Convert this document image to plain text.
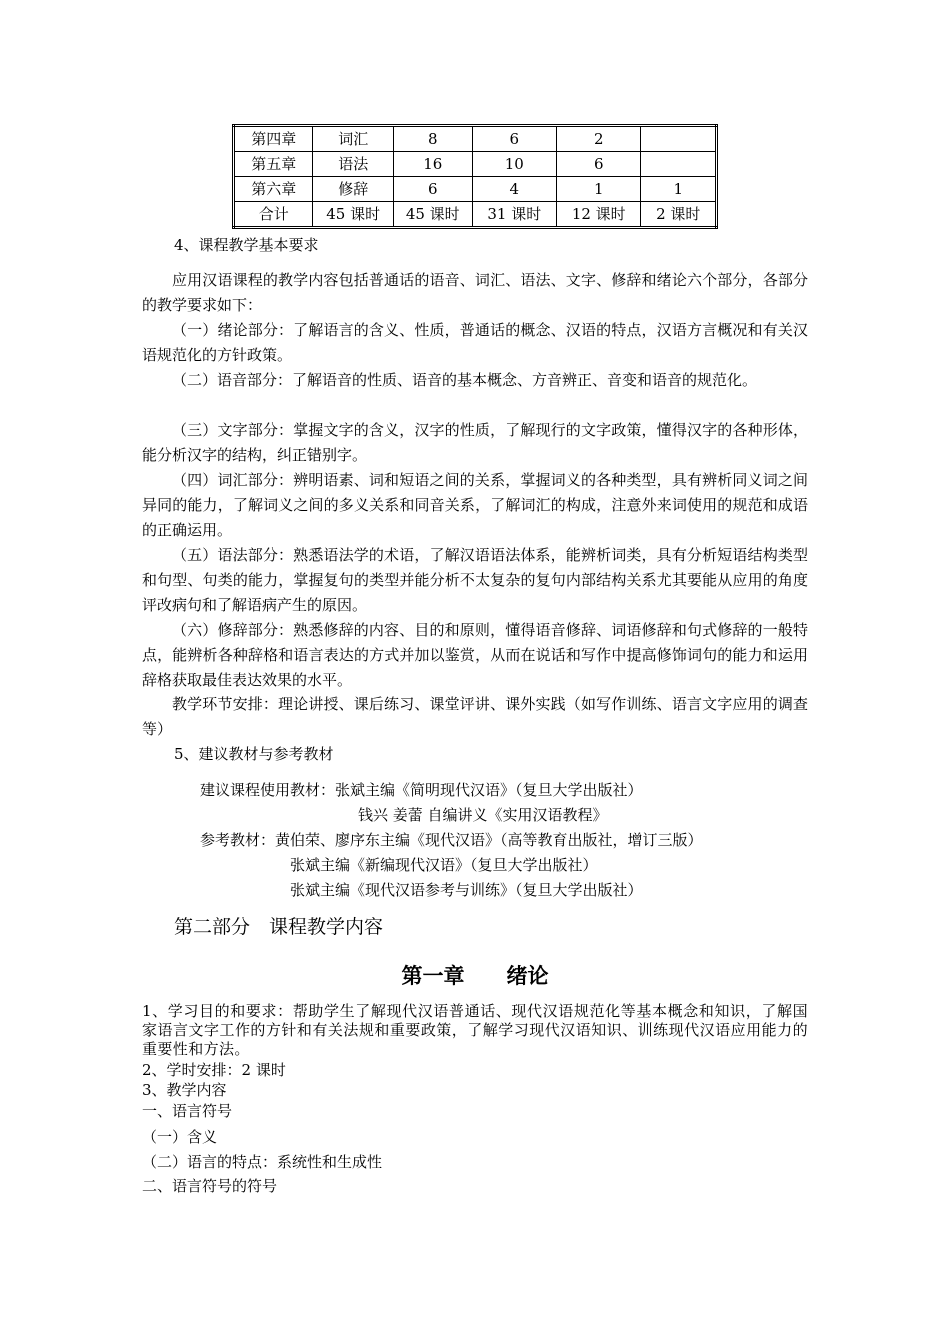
第四章	词汇	8	6	2	
第五章	语法	16	10	6	
第六章	修辞	6	4	1	1
合计	45 课时	45 课时	31 课时	12 课时	2 课时
4、课程教学基本要求
应用汉语课程的教学内容包括普通话的语音、词汇、语法、文字、修辞和绪论六个部分，各部分的教学要求如下：
（一）绪论部分：了解语言的含义、性质，普通话的概念、汉语的特点，汉语方言概况和有关汉语规范化的方针政策。
（二）语音部分：了解语音的性质、语音的基本概念、方音辨正、音变和语音的规范化。
（三）文字部分：掌握文字的含义，汉字的性质，了解现行的文字政策，懂得汉字的各种形体，能分析汉字的结构，纠正错别字。
（四）词汇部分：辨明语素、词和短语之间的关系，掌握词义的各种类型，具有辨析同义词之间异同的能力，了解词义之间的多义关系和同音关系，了解词汇的构成，注意外来词使用的规范和成语的正确运用。
（五）语法部分：熟悉语法学的术语，了解汉语语法体系，能辨析词类，具有分析短语结构类型和句型、句类的能力，掌握复句的类型并能分析不太复杂的复句内部结构关系尤其要能从应用的角度评改病句和了解语病产生的原因。
（六）修辞部分：熟悉修辞的内容、目的和原则，懂得语音修辞、词语修辞和句式修辞的一般特点，能辨析各种辞格和语言表达的方式并加以鉴赏，从而在说话和写作中提高修饰词句的能力和运用辞格获取最佳表达效果的水平。
教学环节安排：理论讲授、课后练习、课堂评讲、课外实践（如写作训练、语言文字应用的调查等）
5、建议教材与参考教材
建议课程使用教材：张斌主编《简明现代汉语》（复旦大学出版社）
钱兴 姜蕾 自编讲义《实用汉语教程》
参考教材：黄伯荣、廖序东主编《现代汉语》（高等教育出版社，增订三版）
张斌主编《新编现代汉语》（复旦大学出版社）
张斌主编《现代汉语参考与训练》（复旦大学出版社）
第二部分　课程教学内容
第一章　　绪论
1、学习目的和要求：帮助学生了解现代汉语普通话、现代汉语规范化等基本概念和知识，了解国家语言文字工作的方针和有关法规和重要政策，了解学习现代汉语知识、训练现代汉语应用能力的重要性和方法。
2、学时安排：2 课时
3、教学内容
一、语言符号
（一）含义
（二）语言的特点：系统性和生成性
二、语言符号的符号
